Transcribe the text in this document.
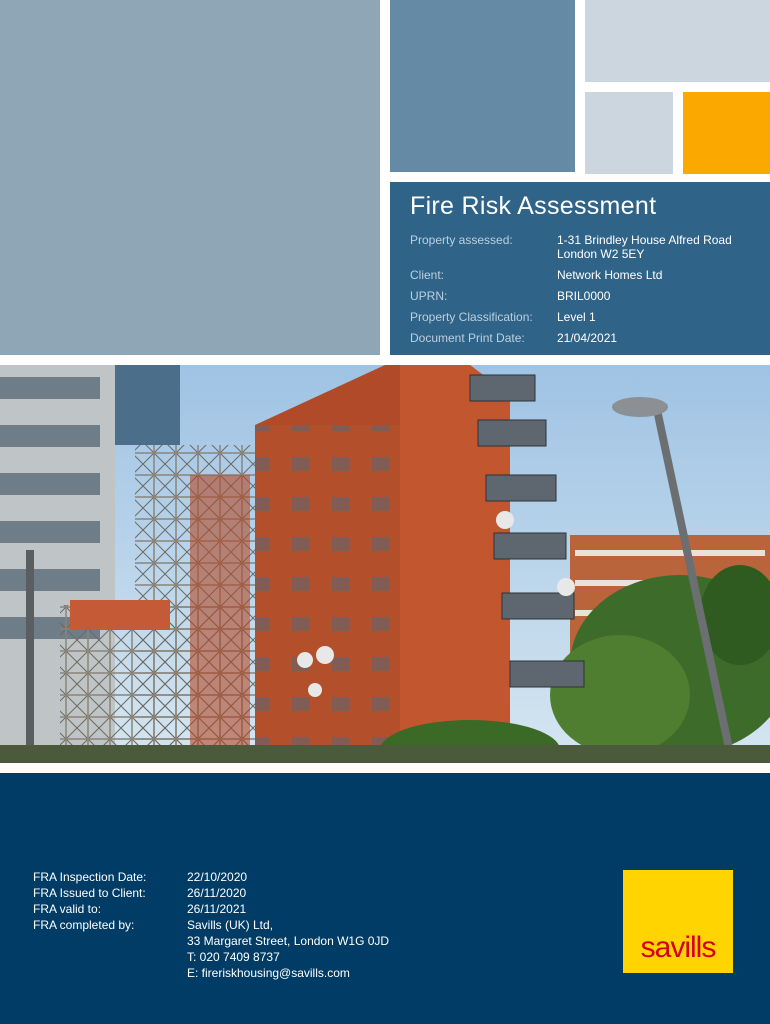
Fire Risk Assessment
Property assessed:	1-31 Brindley House Alfred Road
London W2 5EY
Client:	Network Homes Ltd
UPRN:	BRIL0000
Property Classification:	Level 1
Document Print Date:	21/04/2021
FRA Inspection Date:	22/10/2020
FRA Issued to Client:	26/11/2020
FRA valid to:	26/11/2021
FRA completed by:	Savills (UK) Ltd,
33 Margaret Street, London W1G 0JD
T: 020 7409 8737
E: fireriskhousing@savills.com
savills
